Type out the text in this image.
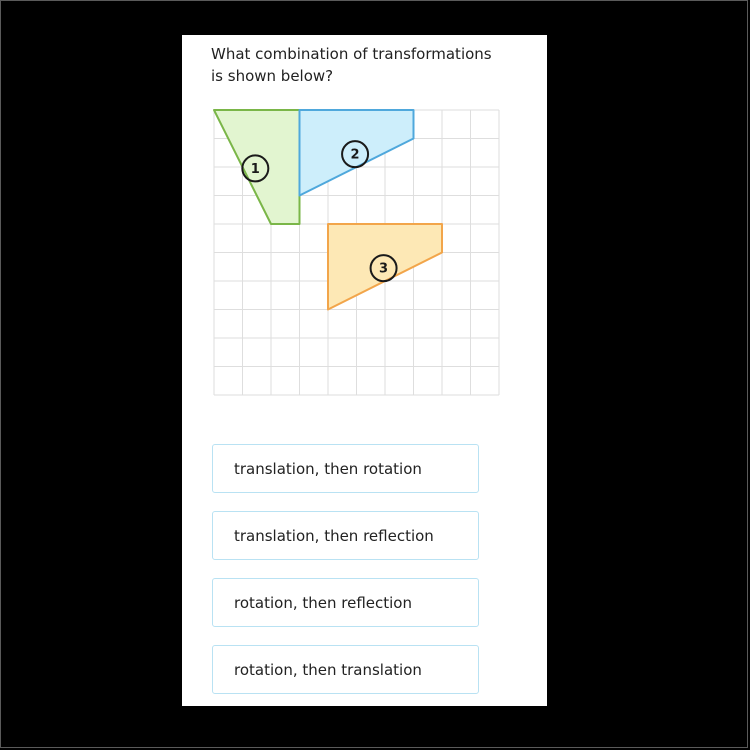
What combination of transformations
is shown below?

1
2
3
translation, then rotation
translation, then reflection
rotation, then reflection
rotation, then translation
